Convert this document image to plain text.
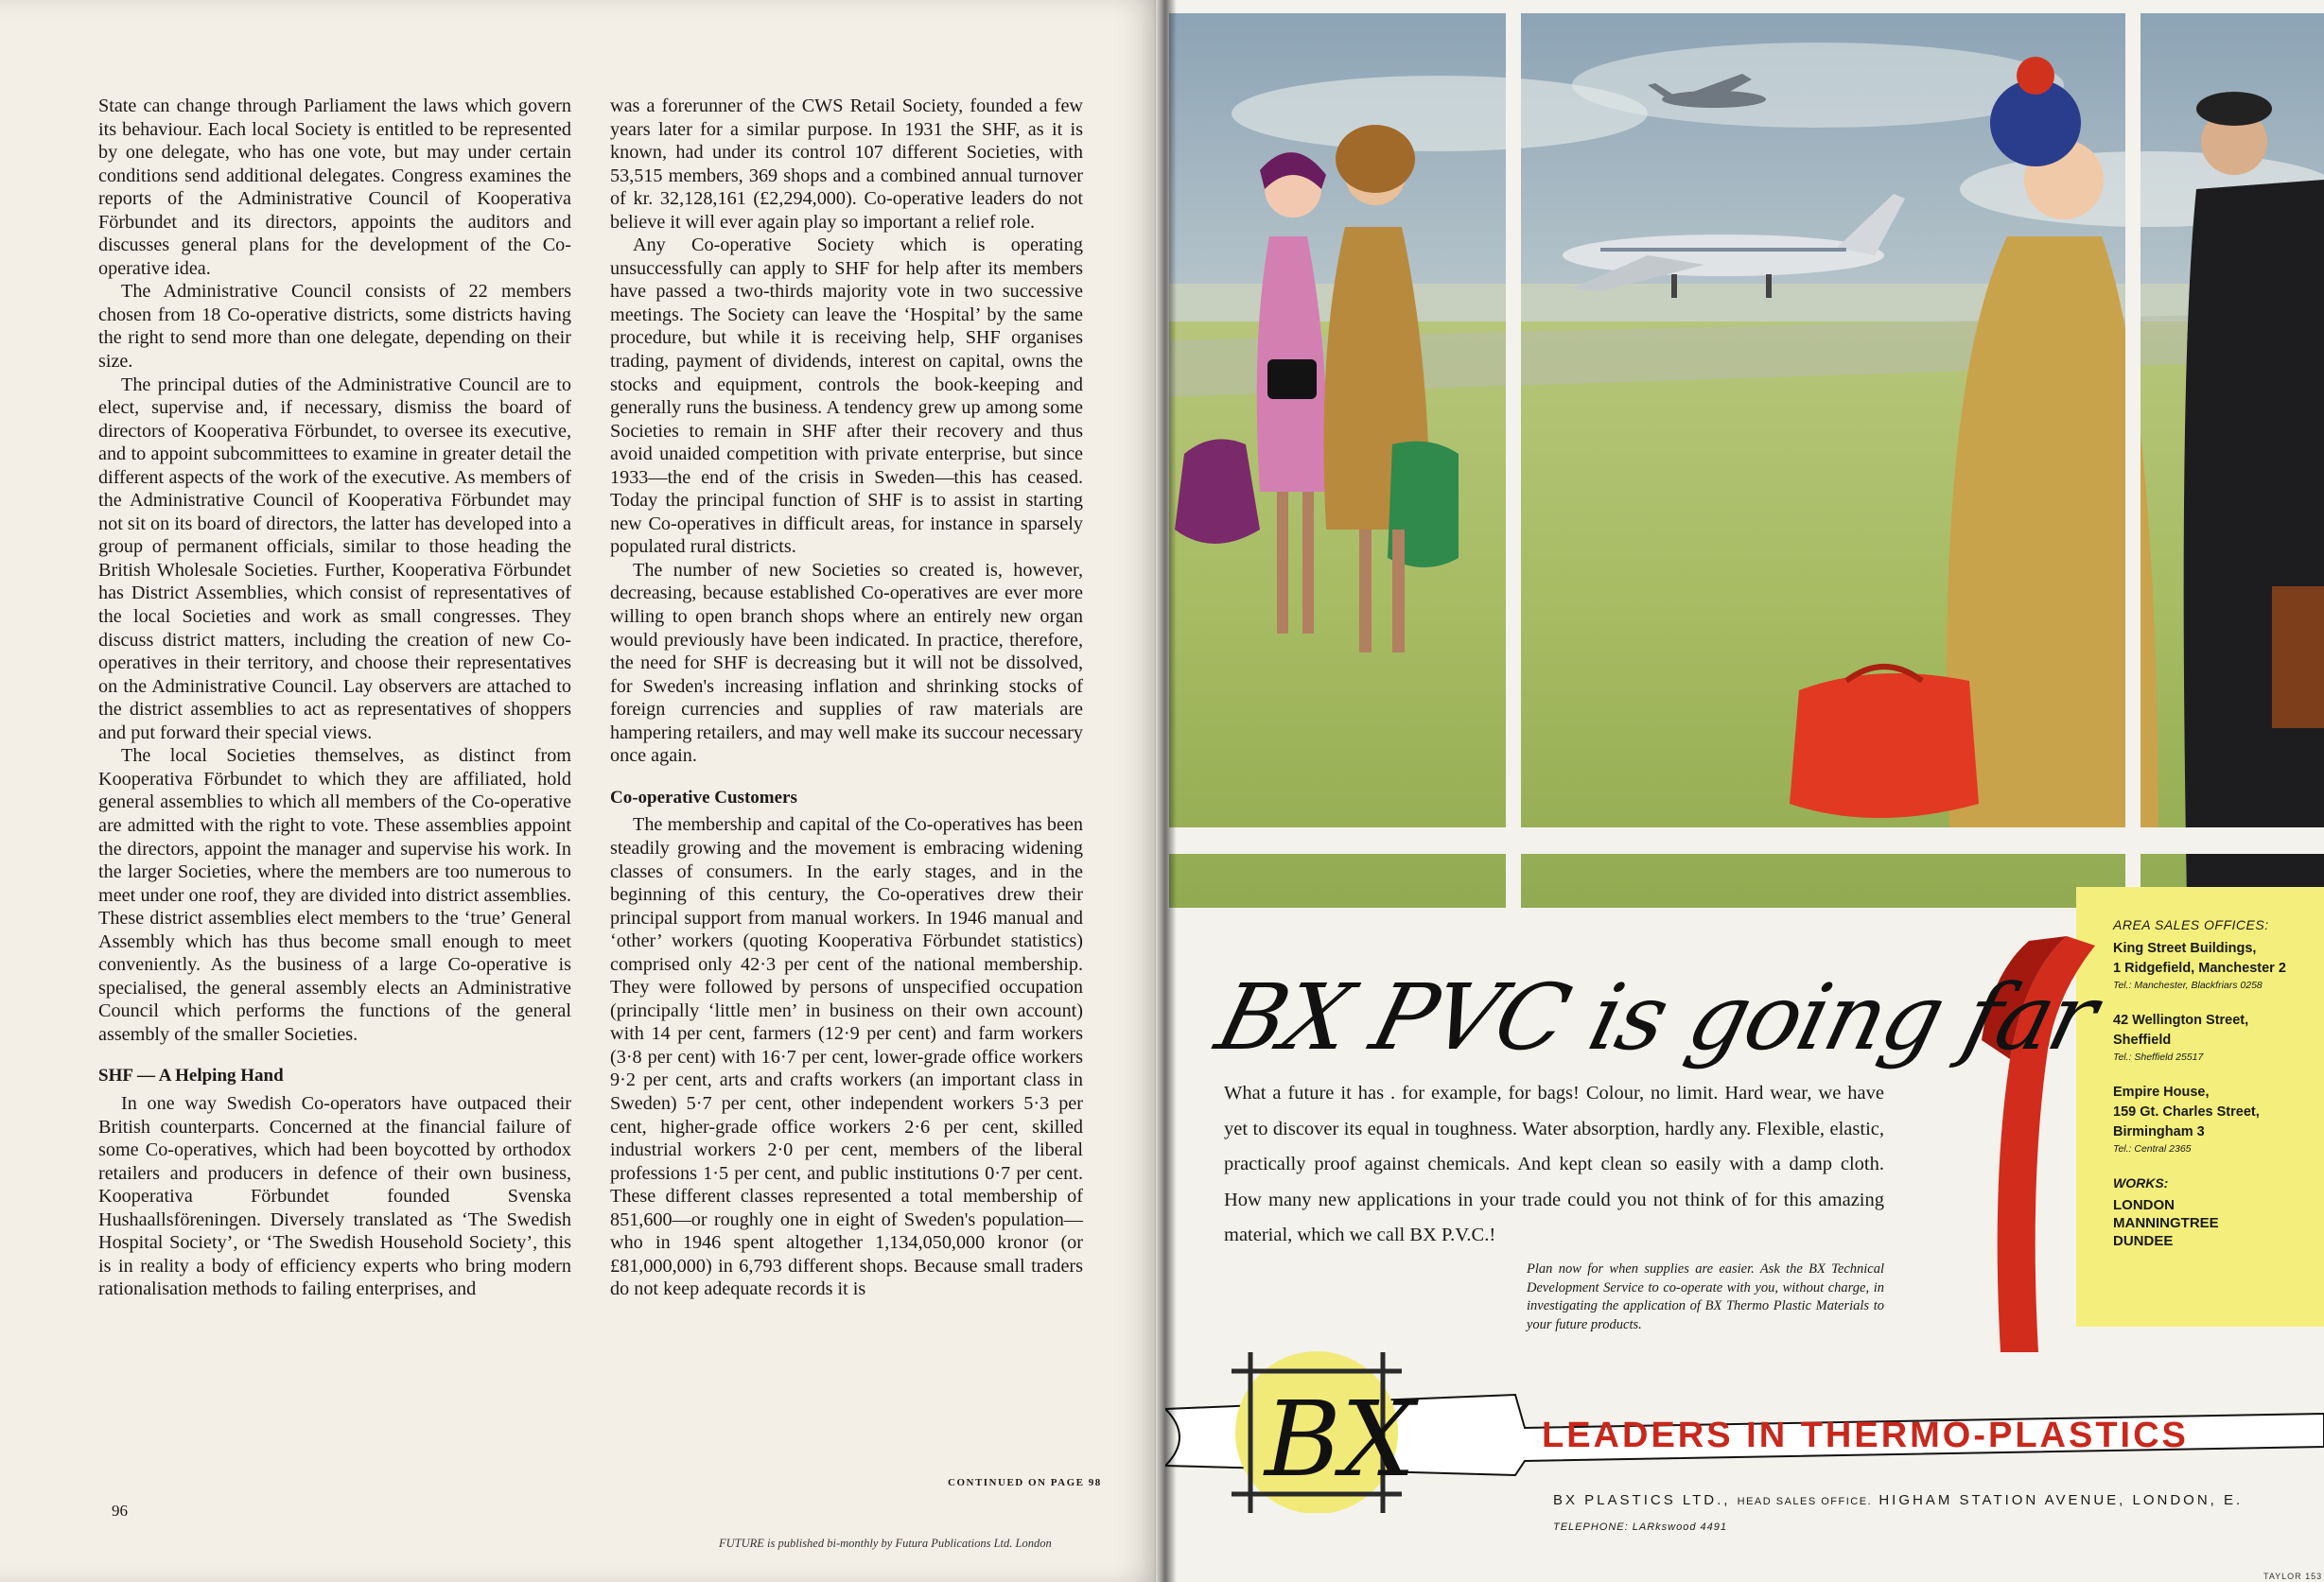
State can change through Parliament the laws which govern its behaviour. Each local Society is entitled to be represented by one delegate, who has one vote, but may under certain conditions send additional delegates. Congress examines the reports of the Administrative Council of Kooperativa Förbundet and its directors, appoints the auditors and discusses general plans for the development of the Co-operative idea.

The Administrative Council consists of 22 members chosen from 18 Co-operative districts, some districts having the right to send more than one delegate, depending on their size.

The principal duties of the Administrative Council are to elect, supervise and, if necessary, dismiss the board of directors of Kooperativa Förbundet, to oversee its executive, and to appoint subcommittees to examine in greater detail the different aspects of the work of the executive. As members of the Administrative Council of Kooperativa Förbundet may not sit on its board of directors, the latter has developed into a group of permanent officials, similar to those heading the British Wholesale Societies. Further, Kooperativa Förbundet has District Assemblies, which consist of representatives of the local Societies and work as small congresses. They discuss district matters, including the creation of new Co-operatives in their territory, and choose their representatives on the Administrative Council. Lay observers are attached to the district assemblies to act as representatives of shoppers and put forward their special views.

The local Societies themselves, as distinct from Kooperativa Förbundet to which they are affiliated, hold general assemblies to which all members of the Co-operative are admitted with the right to vote. These assemblies appoint the directors, appoint the manager and supervise his work. In the larger Societies, where the members are too numerous to meet under one roof, they are divided into district assemblies. These district assemblies elect members to the ‘true’ General Assembly which has thus become small enough to meet conveniently. As the business of a large Co-operative is specialised, the general assembly elects an Administrative Council which performs the functions of the general assembly of the smaller Societies.

SHF — A Helping Hand

In one way Swedish Co-operators have outpaced their British counterparts. Concerned at the financial failure of some Co-operatives, which had been boycotted by orthodox retailers and producers in defence of their own business, Kooperativa Förbundet founded Svenska Hushaallsföreningen. Diversely translated as ‘The Swedish Hospital Society’, or ‘The Swedish Household Society’, this is in reality a body of efficiency experts who bring modern rationalisation methods to failing enterprises, and

was a forerunner of the CWS Retail Society, founded a few years later for a similar purpose. In 1931 the SHF, as it is known, had under its control 107 different Societies, with 53,515 members, 369 shops and a combined annual turnover of kr. 32,128,161 (£2,294,000). Co-operative leaders do not believe it will ever again play so important a relief role.

Any Co-operative Society which is operating unsuccessfully can apply to SHF for help after its members have passed a two-thirds majority vote in two successive meetings. The Society can leave the ‘Hospital’ by the same procedure, but while it is receiving help, SHF organises trading, payment of dividends, interest on capital, owns the stocks and equipment, controls the book-keeping and generally runs the business. A tendency grew up among some Societies to remain in SHF after their recovery and thus avoid unaided competition with private enterprise, but since 1933—the end of the crisis in Sweden—this has ceased. Today the principal function of SHF is to assist in starting new Co-operatives in difficult areas, for instance in sparsely populated rural districts.

The number of new Societies so created is, however, decreasing, because established Co-operatives are ever more willing to open branch shops where an entirely new organ would previously have been indicated. In practice, therefore, the need for SHF is decreasing but it will not be dissolved, for Sweden's increasing inflation and shrinking stocks of foreign currencies and supplies of raw materials are hampering retailers, and may well make its succour necessary once again.

Co-operative Customers

The membership and capital of the Co-operatives has been steadily growing and the movement is embracing widening classes of consumers. In the early stages, and in the beginning of this century, the Co-operatives drew their principal support from manual workers. In 1946 manual and ‘other’ workers (quoting Kooperativa Förbundet statistics) comprised only 42·3 per cent of the national membership. They were followed by persons of unspecified occupation (principally ‘little men’ in business on their own account) with 14 per cent, farmers (12·9 per cent) and farm workers (3·8 per cent) with 16·7 per cent, lower-grade office workers 9·2 per cent, arts and crafts workers (an important class in Sweden) 5·7 per cent, other independent workers 5·3 per cent, higher-grade office workers 2·6 per cent, skilled industrial workers 2·0 per cent, members of the liberal professions 1·5 per cent, and public institutions 0·7 per cent. These different classes represented a total membership of 851,600—or roughly one in eight of Sweden's population—who in 1946 spent altogether 1,134,050,000 kronor (or £81,000,000) in 6,793 different shops. Because small traders do not keep adequate records it is

CONTINUED ON PAGE 98
96
FUTURE is published bi-monthly by Futura Publications Ltd. London
BX PVC is going far
What a future it has . for example, for bags! Colour, no limit. Hard wear, we have yet to discover its equal in toughness. Water absorption, hardly any. Flexible, elastic, practically proof against chemicals. And kept clean so easily with a damp cloth. How many new applications in your trade could you not think of for this amazing material, which we call BX P.V.C.!
Plan now for when supplies are easier. Ask the BX Technical Development Service to co-operate with you, without charge, in investigating the application of BX Thermo Plastic Materials to your future products.
AREA SALES OFFICES:
King Street Buildings,
1 Ridgefield, Manchester 2
Tel.: Manchester, Blackfriars 0258
42 Wellington Street,
Sheffield
Tel.: Sheffield 25517
Empire House,
159 Gt. Charles Street,
Birmingham 3
Tel.: Central 2365
WORKS:
LONDON
MANNINGTREE
DUNDEE
BX	LEADERS IN THERMO-PLASTICS
BX PLASTICS LTD., HEAD SALES OFFICE. HIGHAM STATION AVENUE, LONDON, E.
TELEPHONE: LARkswood 4491
TAYLOR 153
